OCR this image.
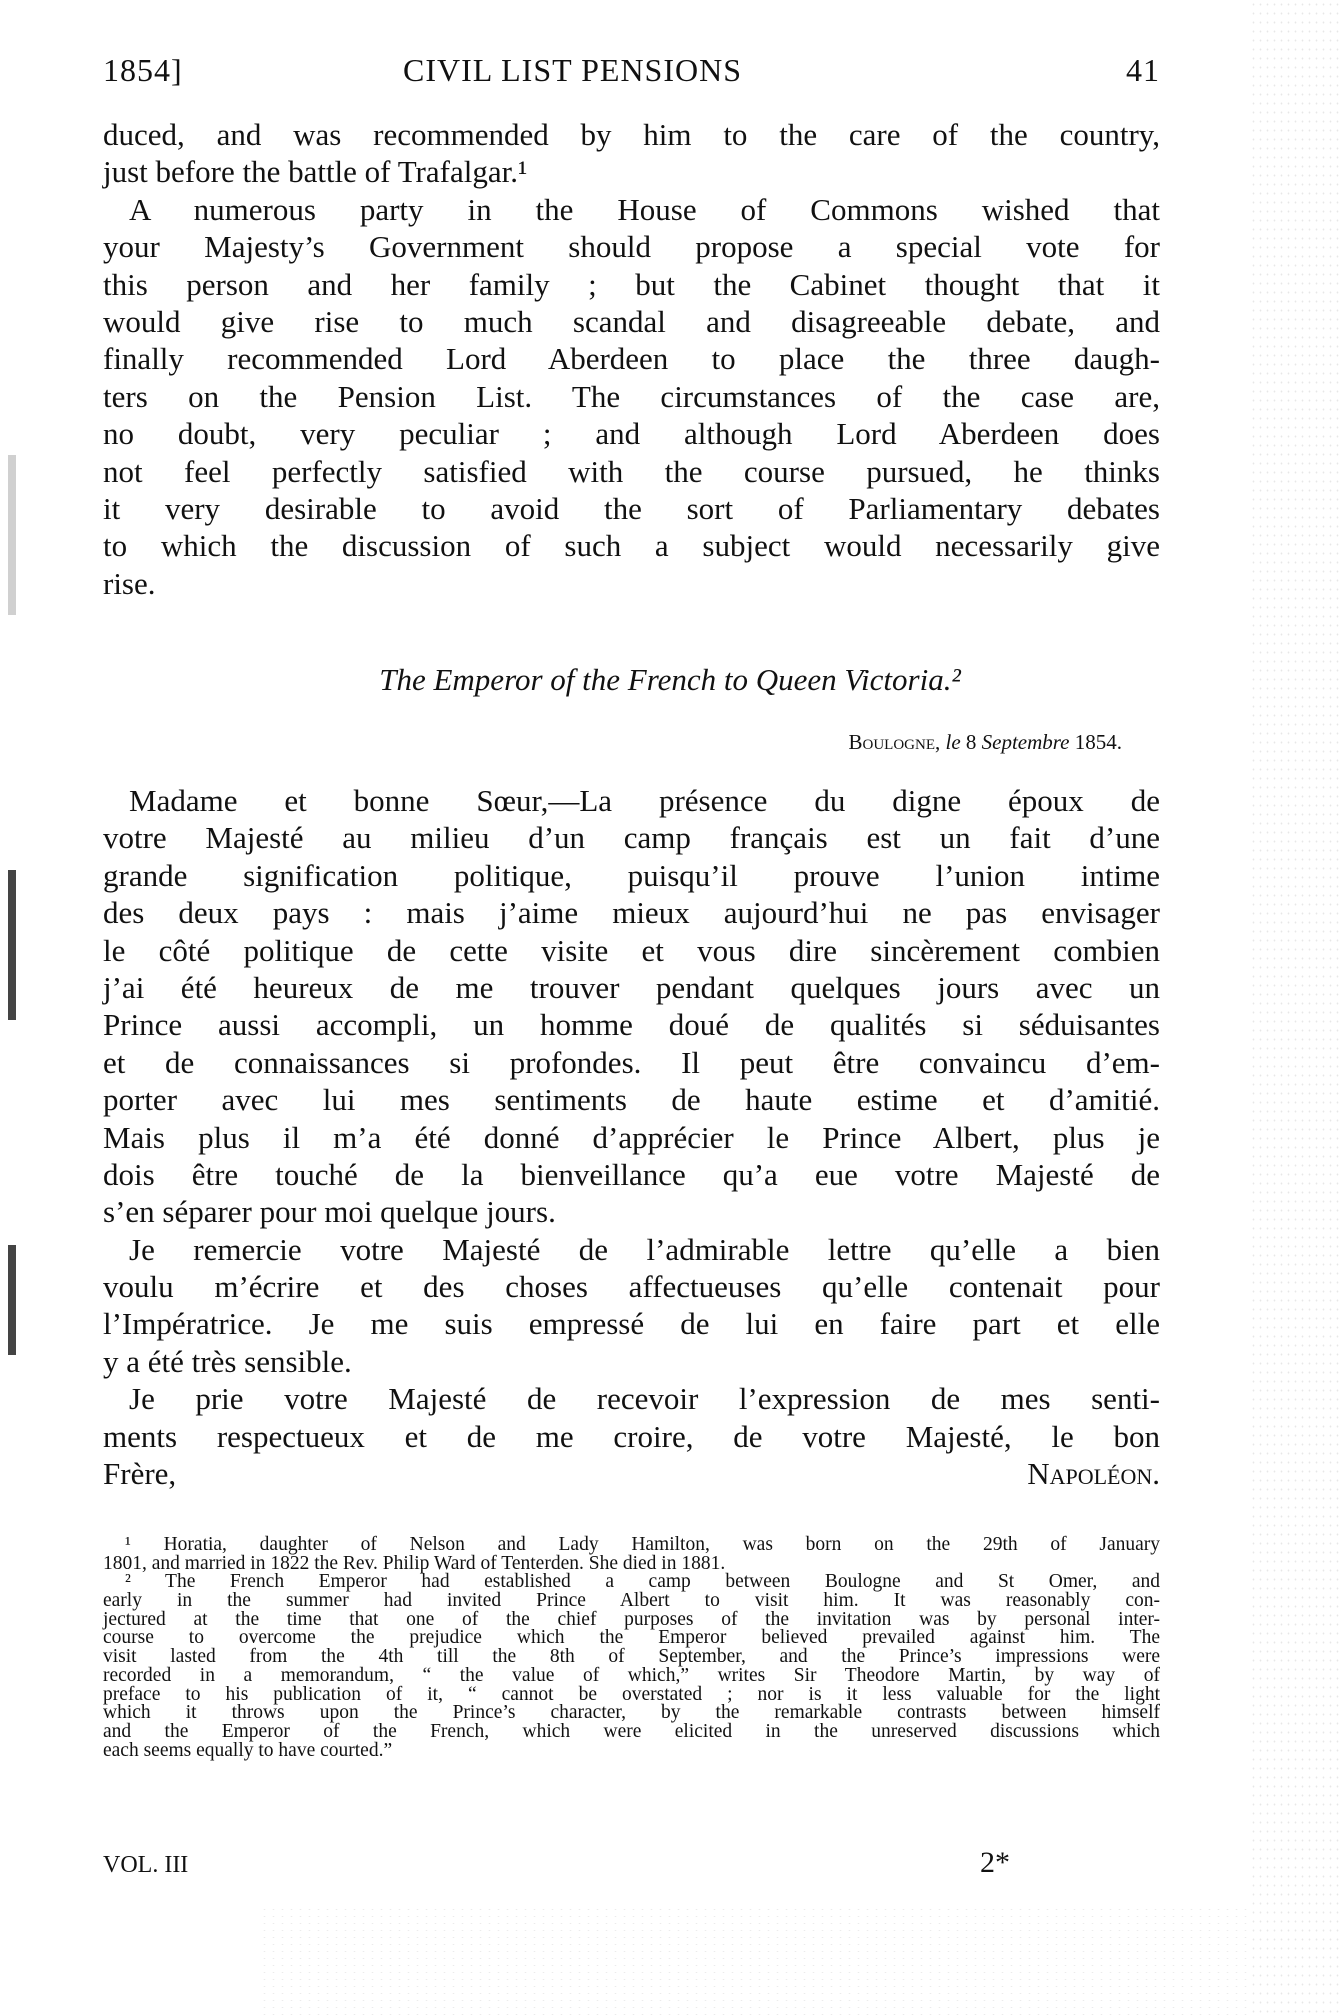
1854]	CIVIL LIST PENSIONS	41
duced, and was recommended by him to the care of the country,
just before the battle of Trafalgar.¹
A numerous party in the House of Commons wished that
your Majesty’s Government should propose a special vote for
this person and her family ; but the Cabinet thought that it
would give rise to much scandal and disagreeable debate, and
finally recommended Lord Aberdeen to place the three daugh-
ters on the Pension List. The circumstances of the case are,
no doubt, very peculiar ; and although Lord Aberdeen does
not feel perfectly satisfied with the course pursued, he thinks
it very desirable to avoid the sort of Parliamentary debates
to which the discussion of such a subject would necessarily give
rise.
The Emperor of the French to Queen Victoria.²
Boulogne, le 8 Septembre 1854.
Madame et bonne Sœur,—La présence du digne époux de
votre Majesté au milieu d’un camp français est un fait d’une
grande signification politique, puisqu’il prouve l’union intime
des deux pays : mais j’aime mieux aujourd’hui ne pas envisager
le côté politique de cette visite et vous dire sincèrement combien
j’ai été heureux de me trouver pendant quelques jours avec un
Prince aussi accompli, un homme doué de qualités si séduisantes
et de connaissances si profondes. Il peut être convaincu d’em-
porter avec lui mes sentiments de haute estime et d’amitié.
Mais plus il m’a été donné d’apprécier le Prince Albert, plus je
dois être touché de la bienveillance qu’a eue votre Majesté de
s’en séparer pour moi quelque jours.
Je remercie votre Majesté de l’admirable lettre qu’elle a bien
voulu m’écrire et des choses affectueuses qu’elle contenait pour
l’Impératrice. Je me suis empressé de lui en faire part et elle
y a été très sensible.
Je prie votre Majesté de recevoir l’expression de mes senti-
ments respectueux et de me croire, de votre Majesté, le bon
Frère,	Napoléon.
¹ Horatia, daughter of Nelson and Lady Hamilton, was born on the 29th of January
1801, and married in 1822 the Rev. Philip Ward of Tenterden. She died in 1881.
² The French Emperor had established a camp between Boulogne and St Omer, and
early in the summer had invited Prince Albert to visit him. It was reasonably con-
jectured at the time that one of the chief purposes of the invitation was by personal inter-
course to overcome the prejudice which the Emperor believed prevailed against him. The
visit lasted from the 4th till the 8th of September, and the Prince’s impressions were
recorded in a memorandum, “ the value of which,” writes Sir Theodore Martin, by way of
preface to his publication of it, “ cannot be overstated ; nor is it less valuable for the light
which it throws upon the Prince’s character, by the remarkable contrasts between himself
and the Emperor of the French, which were elicited in the unreserved discussions which
each seems equally to have courted.”
VOL. III	2*
